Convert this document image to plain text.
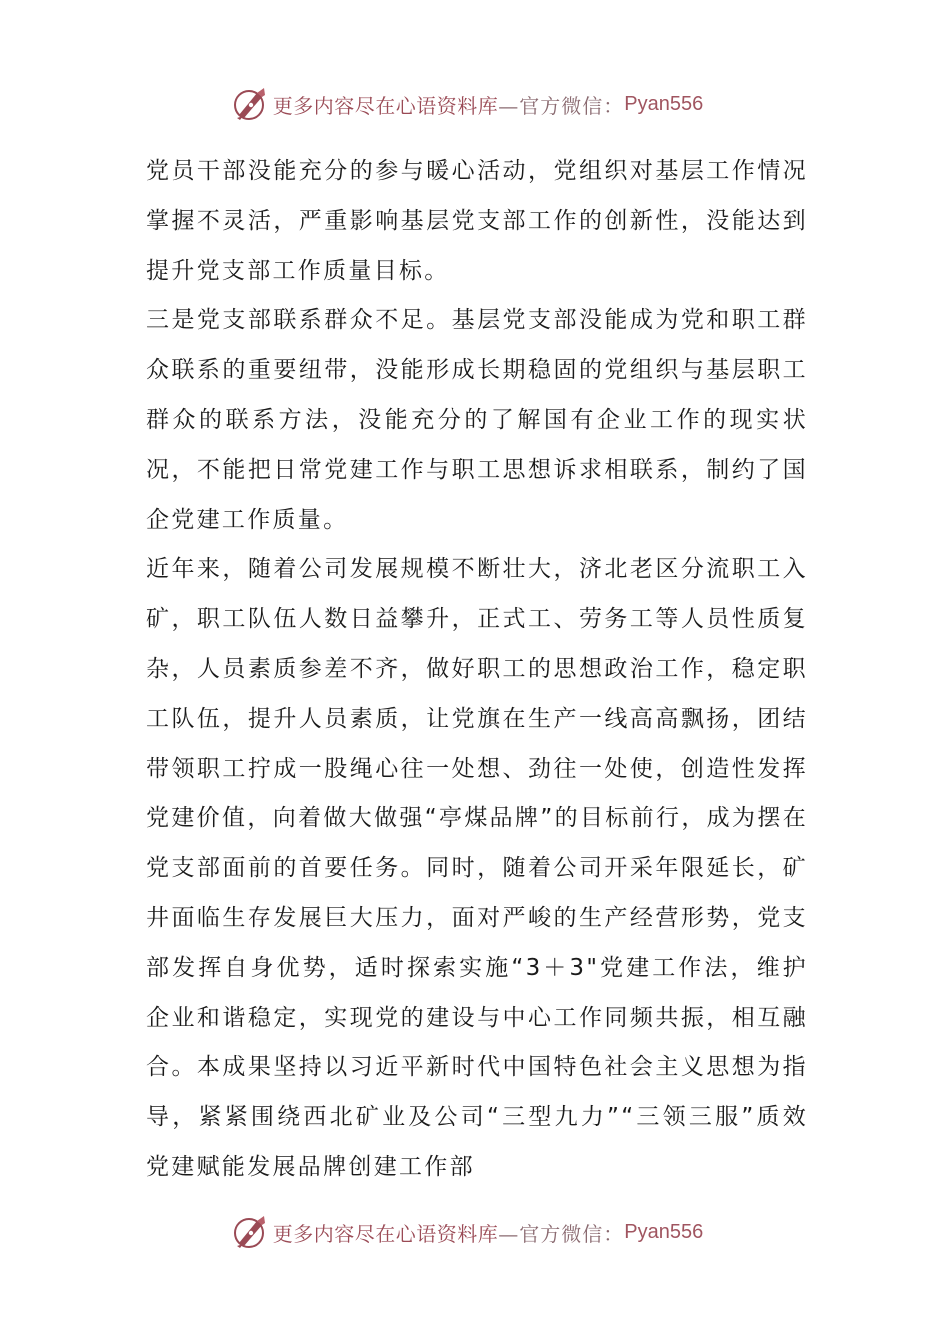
更多内容尽在心语资料库 —官方微信： Pyan556

党员干部没能充分的参与暖心活动，党组织对基层工作情况掌握不灵活，严重影响基层党支部工作的创新性，没能达到提升党支部工作质量目标。

三是党支部联系群众不足。基层党支部没能成为党和职工群众联系的重要纽带，没能形成长期稳固的党组织与基层职工群众的联系方法，没能充分的了解国有企业工作的现实状况，不能把日常党建工作与职工思想诉求相联系，制约了国企党建工作质量。

近年来，随着公司发展规模不断壮大，济北老区分流职工入矿，职工队伍人数日益攀升，正式工、劳务工等人员性质复杂，人员素质参差不齐，做好职工的思想政治工作，稳定职工队伍，提升人员素质，让党旗在生产一线高高飘扬，团结带领职工拧成一股绳心往一处想、劲往一处使，创造性发挥党建价值，向着做大做强“亭煤品牌”的目标前行，成为摆在党支部面前的首要任务。同时，随着公司开采年限延长，矿井面临生存发展巨大压力，面对严峻的生产经营形势，党支部发挥自身优势，适时探索实施“3＋3"党建工作法，维护企业和谐稳定，实现党的建设与中心工作同频共振，相互融合。本成果坚持以习近平新时代中国特色社会主义思想为指导，紧紧围绕西北矿业及公司“三型九力”“三领三服”质效党建赋能发展品牌创建工作部

更多内容尽在心语资料库 —官方微信： Pyan556
